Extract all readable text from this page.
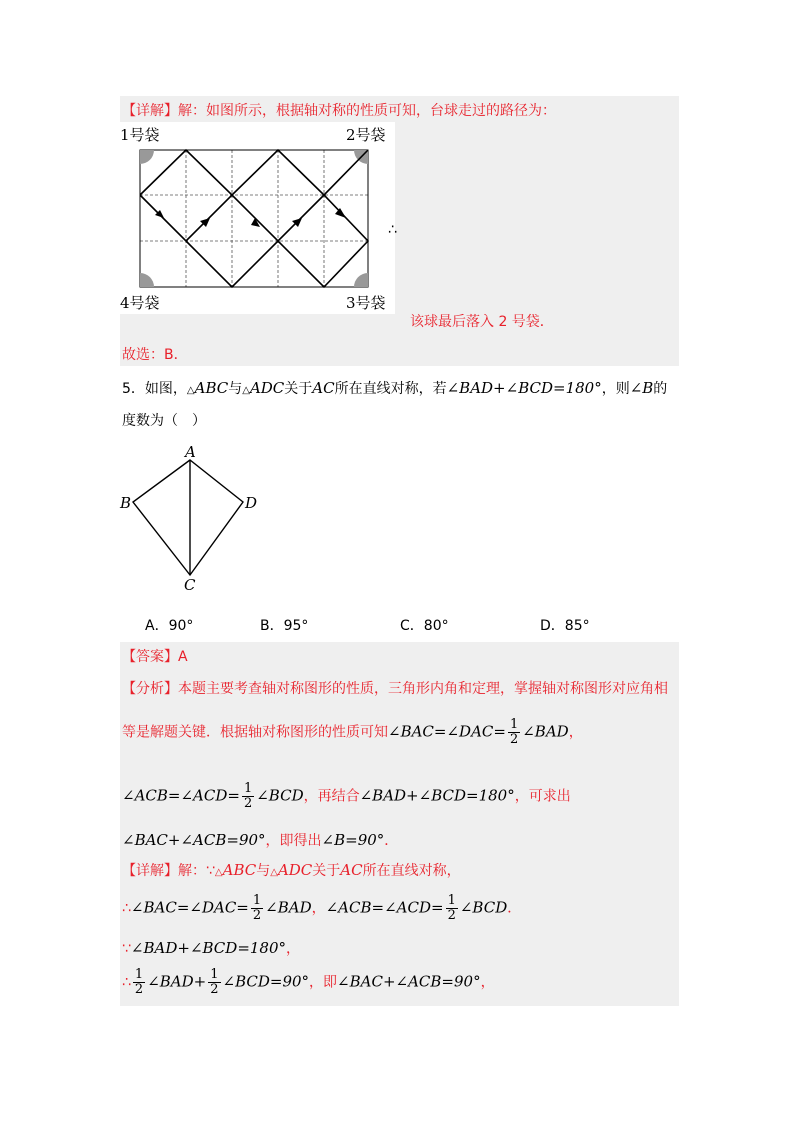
【详解】解：如图所示，根据轴对称的性质可知，台球走过的路径为：
1号袋	2号袋
4号袋	3号袋
∴
该球最后落入 2 号袋．
故选：B．
5．如图，△ABC与△ADC关于AC所在直线对称，若∠BAD+∠BCD=180°，则∠B的
度数为（　）
A
B	D
C
A．90°	B．95°	C．80°	D．85°
【答案】A
【分析】本题主要考查轴对称图形的性质，三角形内角和定理，掌握轴对称图形对应角相
等是解题关键．根据轴对称图形的性质可知∠BAC=∠DAC= $\frac{1}{2}$ ∠BAD，
∠ACB=∠ACD= $\frac{1}{2}$ ∠BCD，再结合∠BAD+∠BCD=180°，可求出
∠BAC+∠ACB=90°，即得出∠B=90°．
【详解】解：∵△ABC与△ADC关于AC所在直线对称，
∴∠BAC=∠DAC= $\frac{1}{2}$ ∠BAD，∠ACB=∠ACD= $\frac{1}{2}$ ∠BCD．
∵∠BAD+∠BCD=180°，
∴ $\frac{1}{2}$ ∠BAD+ $\frac{1}{2}$ ∠BCD=90°，即∠BAC+∠ACB=90°，
